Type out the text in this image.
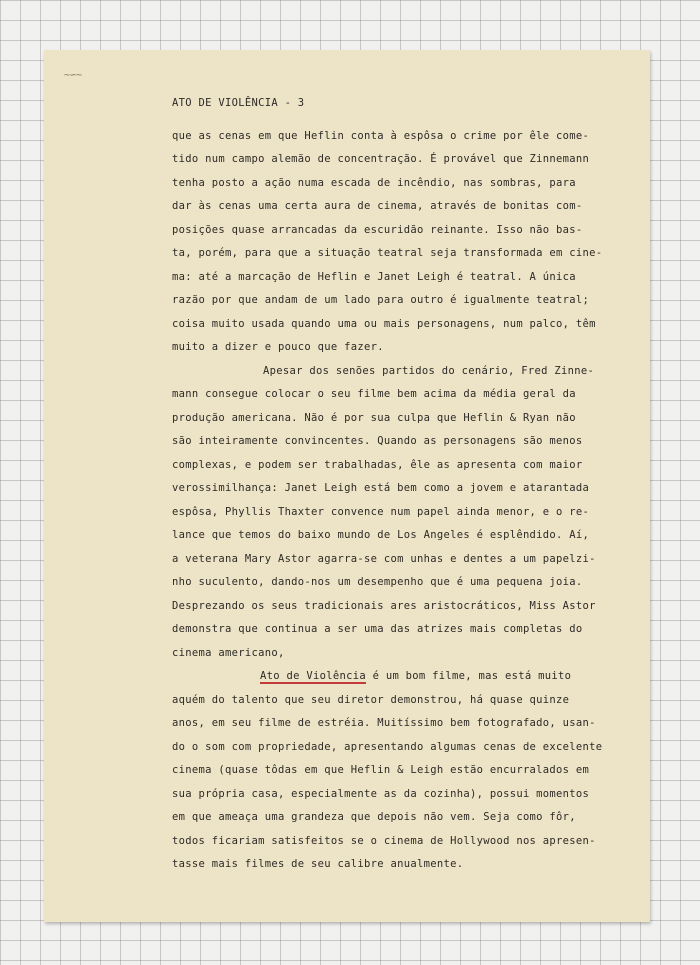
~∽~
ATO DE VIOLÊNCIA - 3
que as cenas em que Heflin conta à espôsa o crime por êle come-
tido num campo alemão de concentração. É provável que Zinnemann
tenha posto a ação numa escada de incêndio, nas sombras, para
dar às cenas uma certa aura de cinema, através de bonitas com-
posições quase arrancadas da escuridão reinante. Isso não bas-
ta, porém, para que a situação teatral seja transformada em cine-
ma: até a marcação de Heflin e Janet Leigh é teatral. A única
razão por que andam de um lado para outro é igualmente teatral;
coisa muito usada quando uma ou mais personagens, num palco, têm
muito a dizer e pouco que fazer.
Apesar dos senões partidos do cenário, Fred Zinne-
mann consegue colocar o seu filme bem acima da média geral da
produção americana. Não é por sua culpa que Heflin & Ryan não
são inteiramente convincentes. Quando as personagens são menos
complexas, e podem ser trabalhadas, êle as apresenta com maior
verossimilhança: Janet Leigh está bem como a jovem e atarantada
espôsa, Phyllis Thaxter convence num papel ainda menor, e o re-
lance que temos do baixo mundo de Los Angeles é esplêndido. Aí,
a veterana Mary Astor agarra-se com unhas e dentes a um papelzi-
nho suculento, dando-nos um desempenho que é uma pequena joia.
Desprezando os seus tradicionais ares aristocráticos, Miss Astor
demonstra que continua a ser uma das atrizes mais completas do
cinema americano,
Ato de Violência é um bom filme, mas está muito
aquém do talento que seu diretor demonstrou, há quase quinze
anos, em seu filme de estréia. Muitíssimo bem fotografado, usan-
do o som com propriedade, apresentando algumas cenas de excelente
cinema (quase tôdas em que Heflin & Leigh estão encurralados em
sua própria casa, especialmente as da cozinha), possui momentos
em que ameaça uma grandeza que depois não vem. Seja como fôr,
todos ficariam satisfeitos se o cinema de Hollywood nos apresen-
tasse mais filmes de seu calibre anualmente.
